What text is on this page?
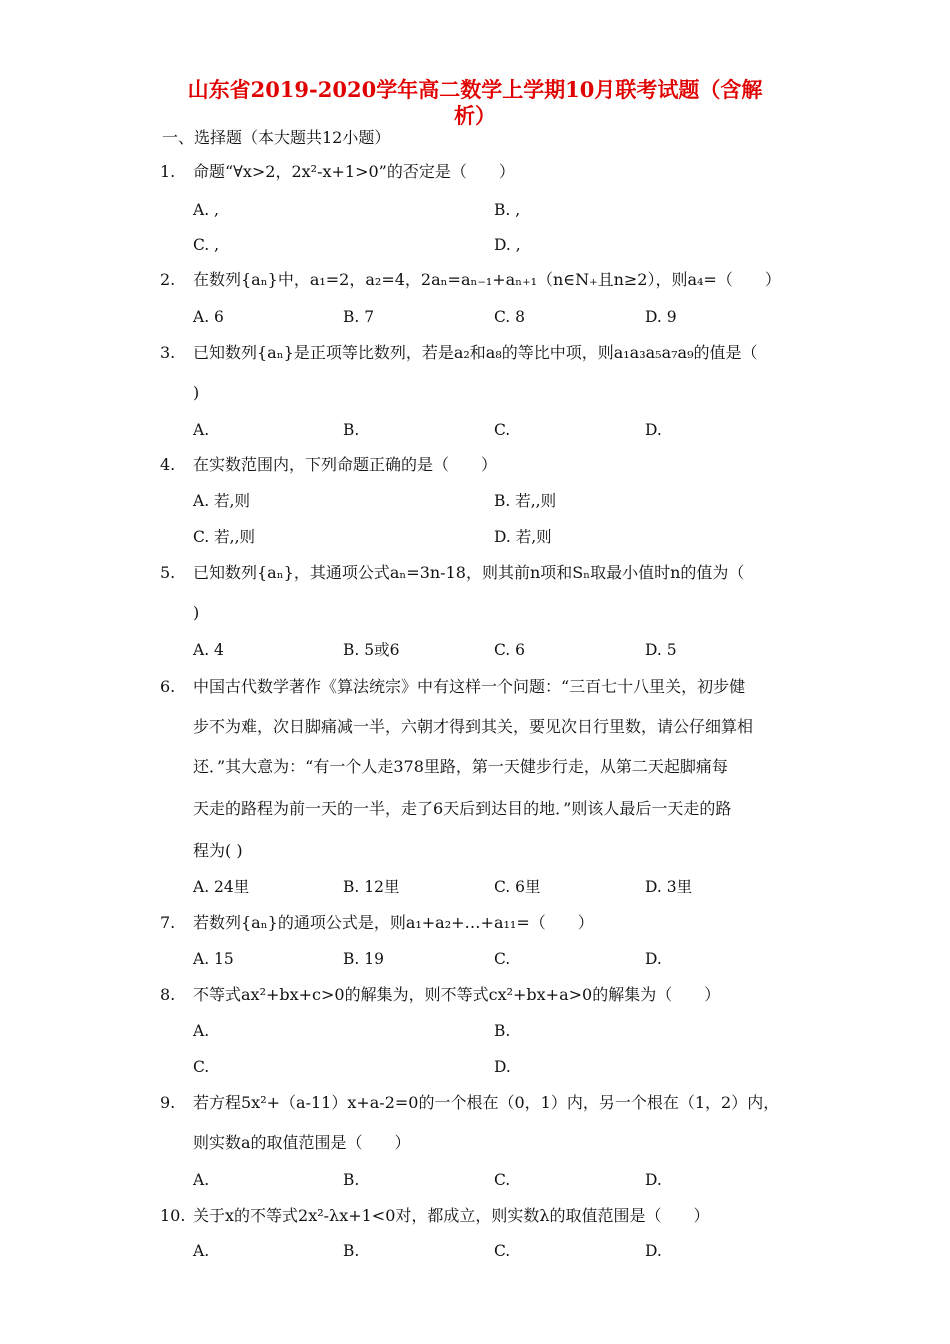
山东省2019-2020学年高二数学上学期10月联考试题（含解
析）
一、选择题（本大题共12小题）
1. 命题“∀x>2，2x²-x+1>0”的否定是（　　）
A. ,	B. ,
C. ,	D. ,
2. 在数列{aₙ}中，a₁=2，a₂=4，2aₙ=aₙ₋₁+aₙ₊₁（n∈N₊且n≥2），则a₄=（　　）
A. 6	B. 7	C. 8	D. 9
3. 已知数列{aₙ}是正项等比数列，若是a₂和a₈的等比中项，则a₁a₃a₅a₇a₉的值是（
)
A.	B.	C.	D.
4. 在实数范围内，下列命题正确的是（　　）
A. 若,则	B. 若,,则
C. 若,,则	D. 若,则
5. 已知数列{aₙ}，其通项公式aₙ=3n-18，则其前n项和Sₙ取最小值时n的值为（
)
A. 4	B. 5或6	C. 6	D. 5
6. 中国古代数学著作《算法统宗》中有这样一个问题：“三百七十八里关，初步健
步不为难，次日脚痛减一半，六朝才得到其关，要见次日行里数，请公仔细算相
还．”其大意为：“有一个人走378里路，第一天健步行走，从第二天起脚痛每
天走的路程为前一天的一半，走了6天后到达目的地．”则该人最后一天走的路
程为( )
A. 24里	B. 12里	C. 6里	D. 3里
7. 若数列{aₙ}的通项公式是，则a₁+a₂+…+a₁₁=（　　）
A. 15	B. 19	C.	D.
8. 不等式ax²+bx+c>0的解集为，则不等式cx²+bx+a>0的解集为（　　）
A.	B.
C.	D.
9. 若方程5x²+（a-11）x+a-2=0的一个根在（0，1）内，另一个根在（1，2）内，
则实数a的取值范围是（　　）
A.	B.	C.	D.
10. 关于x的不等式2x²-λx+1<0对，都成立，则实数λ的取值范围是（　　）
A.	B.	C.	D.
